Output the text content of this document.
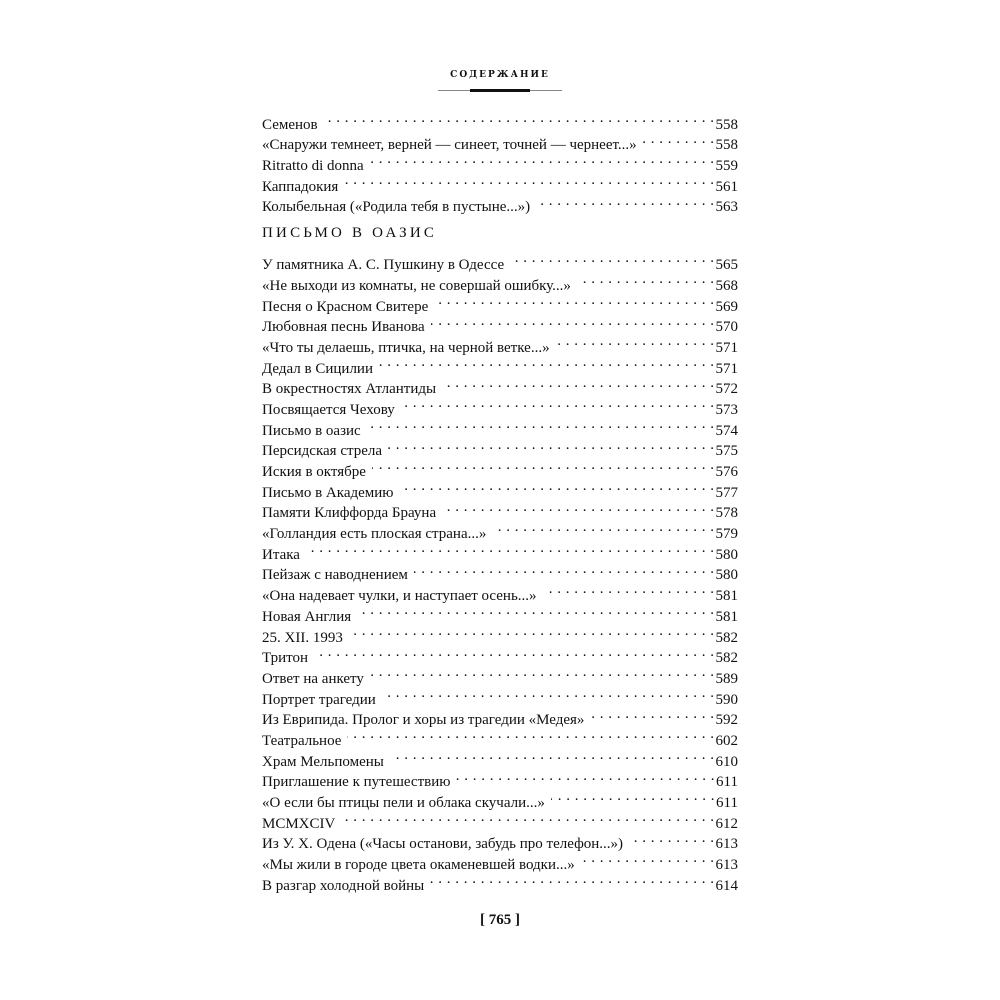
содержание
Семенов . . .	558
«Снаружи темнеет, верней — синеет, точней — чернеет...» . . .	558
Ritratto di donna . . .	559
Каппадокия . . .	561
Колыбельная («Родила тебя в пустыне...») . . .	563
ПИСЬМО В ОАЗИС
У памятника А. С. Пушкину в Одессе . . .	565
«Не выходи из комнаты, не совершай ошибку...» . . .	568
Песня о Красном Свитере . . .	569
Любовная песнь Иванова . . .	570
«Что ты делаешь, птичка, на черной ветке...» . . .	571
Дедал в Сицилии . . .	571
В окрестностях Атлантиды . . .	572
Посвящается Чехову . . .	573
Письмо в оазис . . .	574
Персидская стрела . . .	575
Иския в октябре . . .	576
Письмо в Академию . . .	577
Памяти Клиффорда Брауна . . .	578
«Голландия есть плоская страна...» . . .	579
Итака . . .	580
Пейзаж с наводнением . . .	580
«Она надевает чулки, и наступает осень...» . . .	581
Новая Англия . . .	581
25. XII. 1993 . . .	582
Тритон . . .	582
Ответ на анкету . . .	589
Портрет трагедии . . .	590
Из Еврипида. Пролог и хоры из трагедии «Медея» . . .	592
Театральное . . .	602
Храм Мельпомены . . .	610
Приглашение к путешествию . . .	611
«О если бы птицы пели и облака скучали...» . . .	611
MCMXCIV . . .	612
Из У. Х. Одена («Часы останови, забудь про телефон...») . . .	613
«Мы жили в городе цвета окаменевшей водки...» . . .	613
В разгар холодной войны . . .	614
[ 765 ]
